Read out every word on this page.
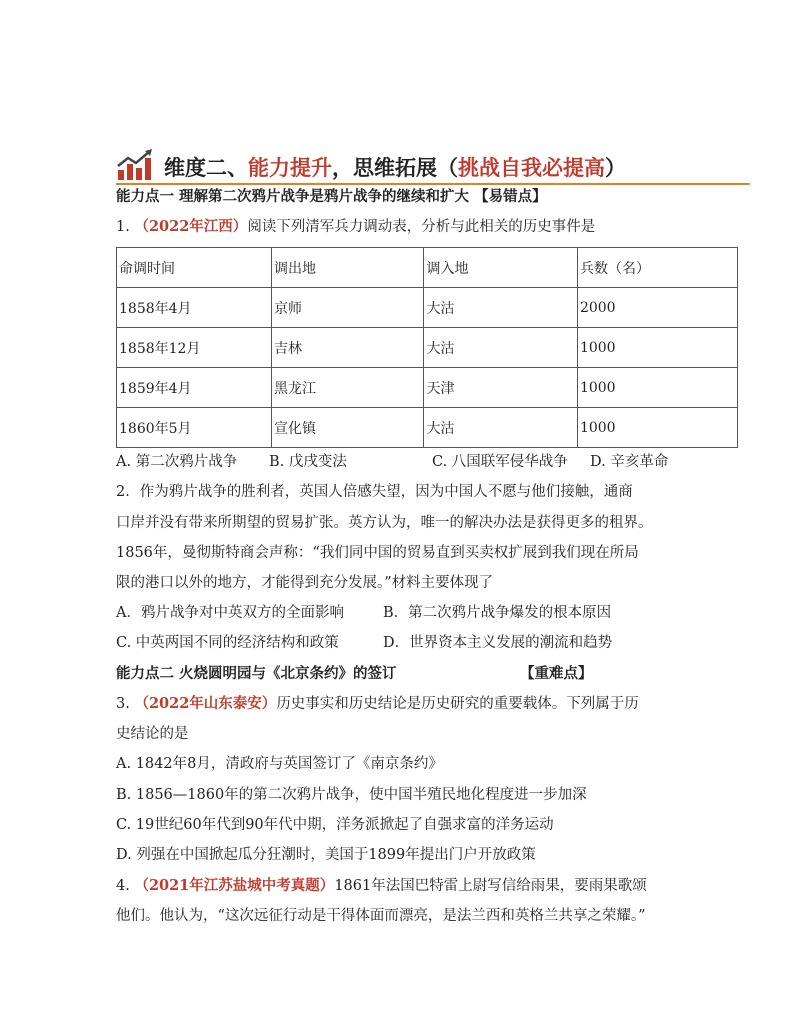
维度二、能力提升，思维拓展（挑战自我必提高）
能力点一 理解第二次鸦片战争是鸦片战争的继续和扩大 【易错点】
1. （2022年江西）阅读下列清军兵力调动表，分析与此相关的历史事件是
命调时间	调出地	调入地	兵数（名）
1858年4月	京师	大沽	2000
1858年12月	吉林	大沽	1000
1859年4月	黑龙江	天津	1000
1860年5月	宣化镇	大沽	1000
A. 第二次鸦片战争 B. 戊戌变法	C. 八国联军侵华战争 D. 辛亥革命
2．作为鸦片战争的胜利者，英国人倍感失望，因为中国人不愿与他们接触，通商
口岸并没有带来所期望的贸易扩张。英方认为，唯一的解决办法是获得更多的租界。
1856年，曼彻斯特商会声称：“我们同中国的贸易直到买卖权扩展到我们现在所局
限的港口以外的地方，才能得到充分发展。”材料主要体现了
A．鸦片战争对中英双方的全面影响	B．第二次鸦片战争爆发的根本原因
C. 中英两国不同的经济结构和政策	D．世界资本主义发展的潮流和趋势
能力点二 火烧圆明园与《北京条约》的签订	【重难点】
3. （2022年山东泰安）历史事实和历史结论是历史研究的重要载体。下列属于历
史结论的是
A. 1842年8月，清政府与英国签订了《南京条约》
B. 1856—1860年的第二次鸦片战争，使中国半殖民地化程度进一步加深
C. 19世纪60年代到90年代中期，洋务派掀起了自强求富的洋务运动
D. 列强在中国掀起瓜分狂潮时，美国于1899年提出门户开放政策
4. （2021年江苏盐城中考真题）1861年法国巴特雷上尉写信给雨果，要雨果歌颂
他们。他认为，“这次远征行动是干得体面而漂亮，是法兰西和英格兰共享之荣耀。”
